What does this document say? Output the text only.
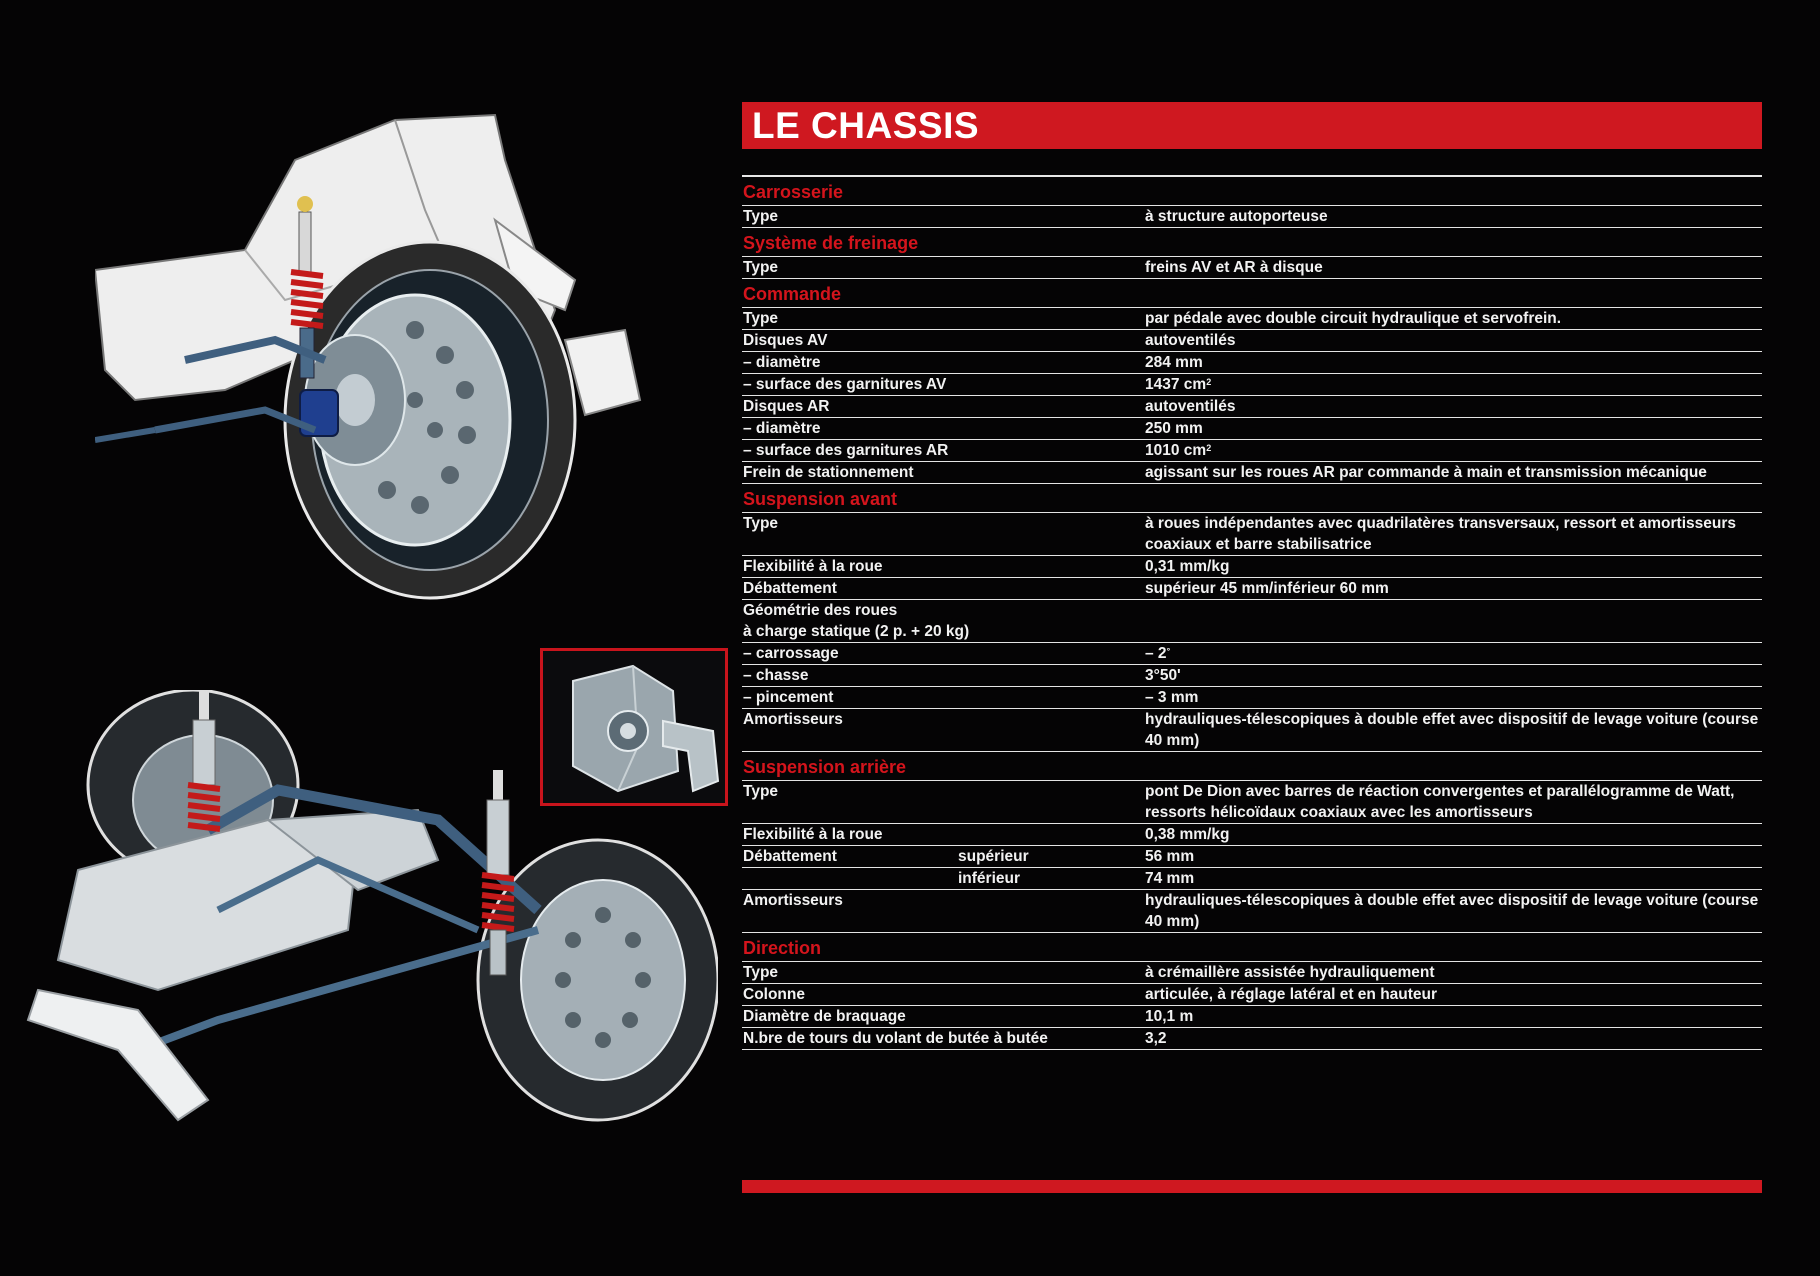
LE CHASSIS
Carrosserie
Type	à structure autoporteuse
Système de freinage
Type	freins AV et AR à disque
Commande
Type	par pédale avec double circuit hydraulique et servofrein.
Disques AV	autoventilés
– diamètre	284 mm
– surface des garnitures AV	1437 $cm^2$
Disques AR	autoventilés
– diamètre	250 mm
– surface des garnitures AR	1010 $cm^2$
Frein de stationnement	agissant sur les roues AR par commande à main et transmission mécanique
Suspension avant
Type	à roues indépendantes avec quadrilatères transversaux, ressort et amortisseurs coaxiaux et barre stabilisatrice
Flexibilité à la roue	0,31 mm/kg
Débattement	supérieur 45 mm/inférieur 60 mm
Géométrie des roues
à charge statique (2 p. + 20 kg)
– carrossage	– 2°
– chasse	3°50'
– pincement	– 3 mm
Amortisseurs	hydrauliques-télescopiques à double effet avec dispositif de levage voiture (course 40 mm)
Suspension arrière
Type	pont De Dion avec barres de réaction convergentes et parallélogramme de Watt, ressorts hélicoïdaux coaxiaux avec les amortisseurs
Flexibilité à la roue	0,38 mm/kg
Débattement	supérieur	56 mm
inférieur	74 mm
Amortisseurs	hydrauliques-télescopiques à double effet avec dispositif de levage voiture (course 40 mm)
Direction
Type	à crémaillère assistée hydrauliquement
Colonne	articulée, à réglage latéral et en hauteur
Diamètre de braquage	10,1 m
N.bre de tours du volant de butée à butée	3,2
